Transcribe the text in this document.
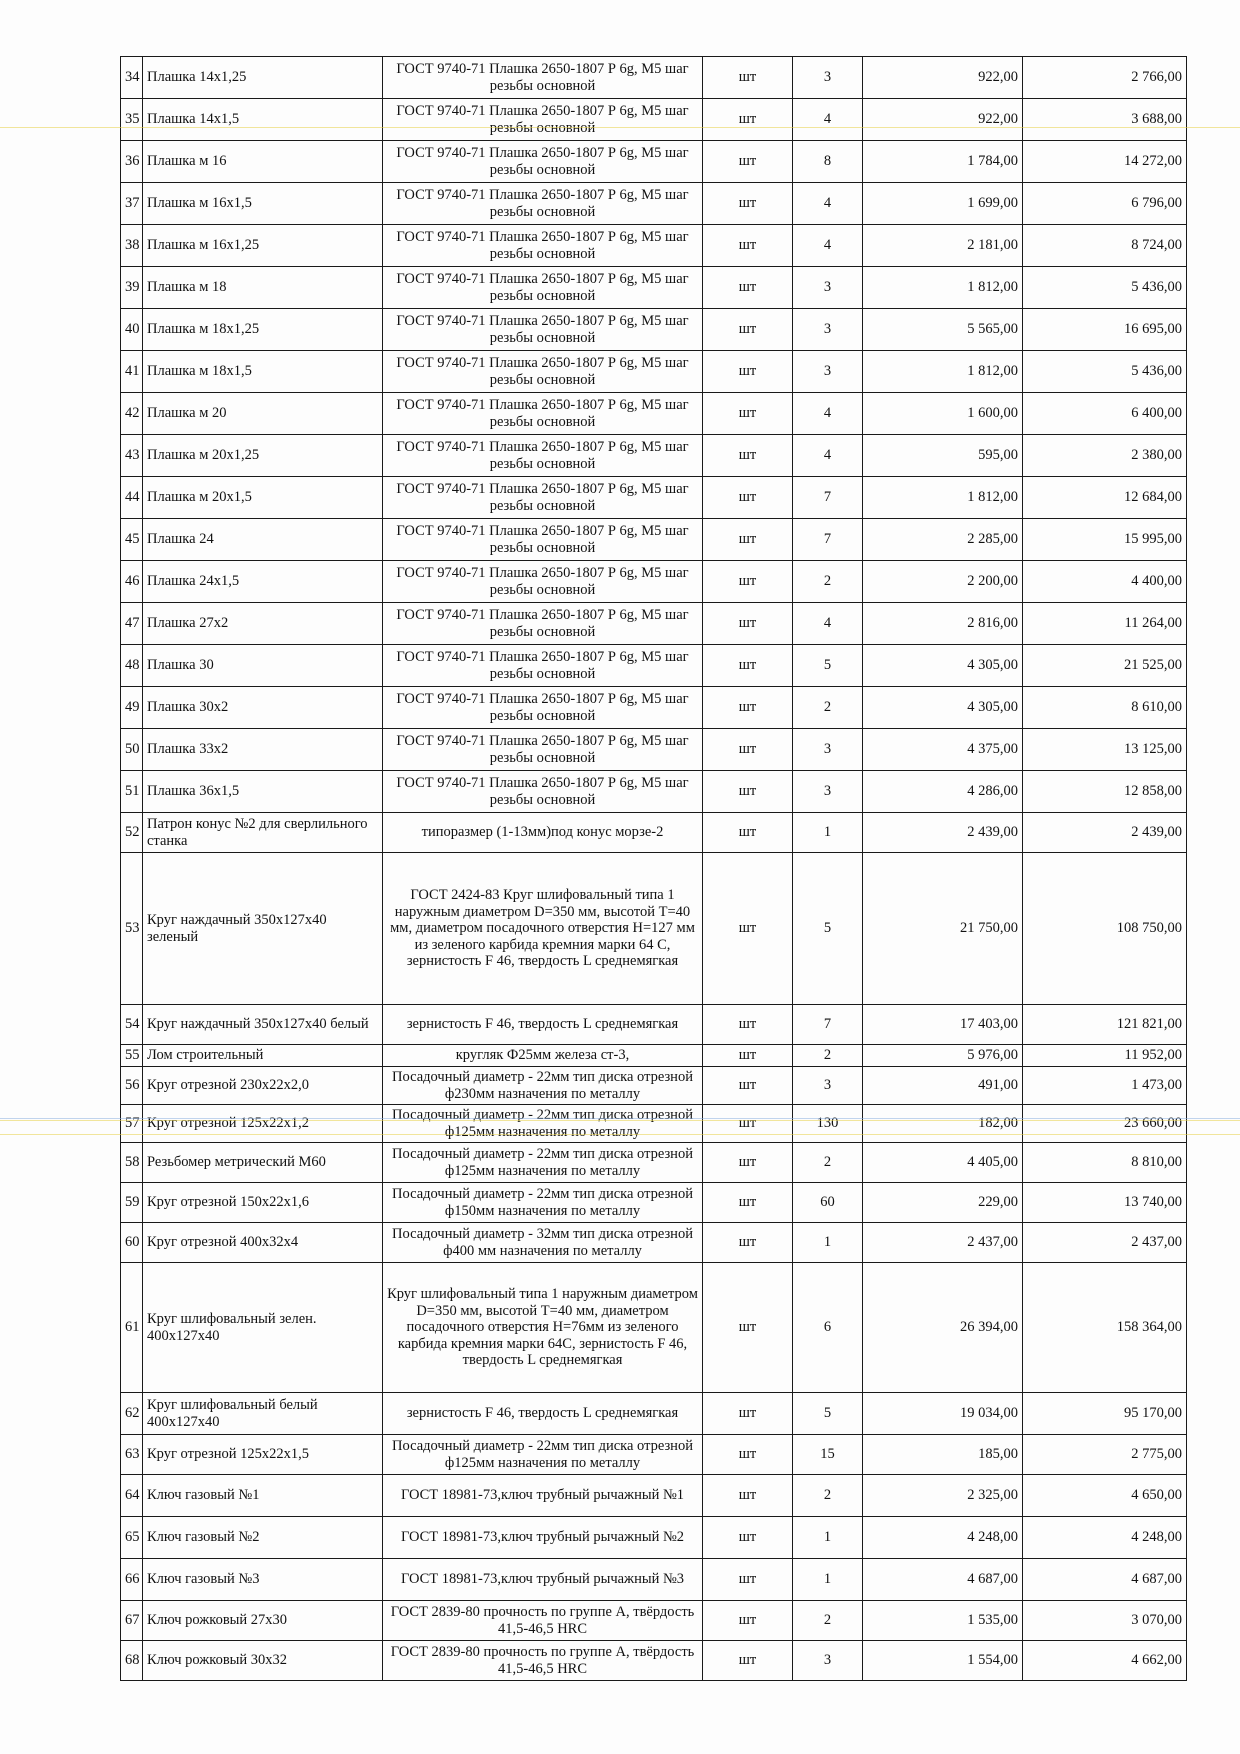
34	Плашка 14х1,25	ГОСТ 9740-71 Плашка 2650-1807 Р 6g, М5 шаг резьбы основной	шт	3	922,00	2 766,00
35	Плашка 14х1,5	ГОСТ 9740-71 Плашка 2650-1807 Р 6g, М5 шаг резьбы основной	шт	4	922,00	3 688,00
36	Плашка м 16	ГОСТ 9740-71 Плашка 2650-1807 Р 6g, М5 шаг резьбы основной	шт	8	1 784,00	14 272,00
37	Плашка м 16х1,5	ГОСТ 9740-71 Плашка 2650-1807 Р 6g, М5 шаг резьбы основной	шт	4	1 699,00	6 796,00
38	Плашка м 16х1,25	ГОСТ 9740-71 Плашка 2650-1807 Р 6g, М5 шаг резьбы основной	шт	4	2 181,00	8 724,00
39	Плашка м 18	ГОСТ 9740-71 Плашка 2650-1807 Р 6g, М5 шаг резьбы основной	шт	3	1 812,00	5 436,00
40	Плашка м 18х1,25	ГОСТ 9740-71 Плашка 2650-1807 Р 6g, М5 шаг резьбы основной	шт	3	5 565,00	16 695,00
41	Плашка м 18х1,5	ГОСТ 9740-71 Плашка 2650-1807 Р 6g, М5 шаг резьбы основной	шт	3	1 812,00	5 436,00
42	Плашка м 20	ГОСТ 9740-71 Плашка 2650-1807 Р 6g, М5 шаг резьбы основной	шт	4	1 600,00	6 400,00
43	Плашка м 20х1,25	ГОСТ 9740-71 Плашка 2650-1807 Р 6g, М5 шаг резьбы основной	шт	4	595,00	2 380,00
44	Плашка м 20х1,5	ГОСТ 9740-71 Плашка 2650-1807 Р 6g, М5 шаг резьбы основной	шт	7	1 812,00	12 684,00
45	Плашка 24	ГОСТ 9740-71 Плашка 2650-1807 Р 6g, М5 шаг резьбы основной	шт	7	2 285,00	15 995,00
46	Плашка 24х1,5	ГОСТ 9740-71 Плашка 2650-1807 Р 6g, М5 шаг резьбы основной	шт	2	2 200,00	4 400,00
47	Плашка 27х2	ГОСТ 9740-71 Плашка 2650-1807 Р 6g, М5 шаг резьбы основной	шт	4	2 816,00	11 264,00
48	Плашка 30	ГОСТ 9740-71 Плашка 2650-1807 Р 6g, М5 шаг резьбы основной	шт	5	4 305,00	21 525,00
49	Плашка 30х2	ГОСТ 9740-71 Плашка 2650-1807 Р 6g, М5 шаг резьбы основной	шт	2	4 305,00	8 610,00
50	Плашка 33х2	ГОСТ 9740-71 Плашка 2650-1807 Р 6g, М5 шаг резьбы основной	шт	3	4 375,00	13 125,00
51	Плашка 36х1,5	ГОСТ 9740-71 Плашка 2650-1807 Р 6g, М5 шаг резьбы основной	шт	3	4 286,00	12 858,00
52	Патрон конус №2 для сверлильного станка	типоразмер (1-13мм)под конус морзе-2	шт	1	2 439,00	2 439,00
53	Круг наждачный 350х127х40 зеленый	ГОСТ 2424-83 Круг шлифовальный типа 1 наружным диаметром D=350 мм, высотой Т=40 мм, диаметром посадочного отверстия Н=127 мм из зеленого карбида кремния марки 64 С, зернистость F 46, твердость L среднемягкая	шт	5	21 750,00	108 750,00
54	Круг наждачный 350х127х40 белый	зернистость F 46, твердость L среднемягкая	шт	7	17 403,00	121 821,00
55	Лом строительный	кругляк Ф25мм железа ст-3,	шт	2	5 976,00	11 952,00
56	Круг отрезной 230х22х2,0	Посадочный диаметр - 22мм тип диска отрезной ф230мм назначения по металлу	шт	3	491,00	1 473,00
57	Круг отрезной 125х22х1,2	Посадочный диаметр - 22мм тип диска отрезной ф125мм назначения по металлу	шт	130	182,00	23 660,00
58	Резьбомер метрический М60	Посадочный диаметр - 22мм тип диска отрезной ф125мм назначения по металлу	шт	2	4 405,00	8 810,00
59	Круг отрезной 150х22х1,6	Посадочный диаметр - 22мм тип диска отрезной ф150мм назначения по металлу	шт	60	229,00	13 740,00
60	Круг отрезной 400х32х4	Посадочный диаметр - 32мм тип диска отрезной ф400 мм назначения по металлу	шт	1	2 437,00	2 437,00
61	Круг шлифовальный зелен. 400х127х40	Круг шлифовальный типа 1 наружным диаметром D=350 мм, высотой Т=40 мм, диаметром посадочного отверстия Н=76мм из зеленого карбида кремния марки 64С, зернистость F 46, твердость L среднемягкая	шт	6	26 394,00	158 364,00
62	Круг шлифовальный белый 400х127х40	зернистость F 46, твердость L среднемягкая	шт	5	19 034,00	95 170,00
63	Круг отрезной 125х22х1,5	Посадочный диаметр - 22мм тип диска отрезной ф125мм назначения по металлу	шт	15	185,00	2 775,00
64	Ключ газовый №1	ГОСТ 18981-73,ключ трубный рычажный №1	шт	2	2 325,00	4 650,00
65	Ключ газовый №2	ГОСТ 18981-73,ключ трубный рычажный №2	шт	1	4 248,00	4 248,00
66	Ключ газовый №3	ГОСТ 18981-73,ключ трубный рычажный №3	шт	1	4 687,00	4 687,00
67	Ключ рожковый 27х30	ГОСТ 2839-80 прочность по группе А, твёрдость 41,5-46,5 HRC	шт	2	1 535,00	3 070,00
68	Ключ рожковый 30х32	ГОСТ 2839-80 прочность по группе А, твёрдость 41,5-46,5 HRC	шт	3	1 554,00	4 662,00
